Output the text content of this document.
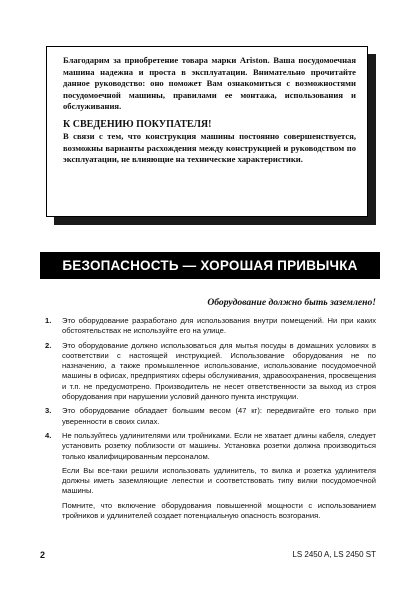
Благодарим за приобретение товара марки Ariston. Ваша посудомоечная машина надежна и проста в эксплуатации. Внимательно прочитайте данное руководство: оно поможет Вам ознакомиться с возможностями посудомоечной машины, правилами ее монтажа, использования и обслуживания.

К СВЕДЕНИЮ ПОКУПАТЕЛЯ!

В связи с тем, что конструкция машины постоянно совершенствуется, возможны варианты расхождения между конструкцией и руководством по эксплуатации, не влияющие на технические характеристики.

БЕЗОПАСНОСТЬ — ХОРОШАЯ ПРИВЫЧКА
Оборудование должно быть заземлено!
1. Это оборудование разработано для использования внутри помещений. Ни при каких обстоятельствах не используйте его на улице.

2. Это оборудование должно использоваться для мытья посуды в домашних условиях в соответствии с настоящей инструкцией. Использование оборудования не по назначению, а также промышленное использование, использование посудомоечной машины в офисах, предприятиях сферы обслуживания, здравоохранения, просвещения и т.п. не предусмотрено. Производитель не несет ответственности за выход из строя оборудования при нарушении условий данного пункта инструкции.

3. Это оборудование обладает большим весом (47 кг): передвигайте его только при уверенности в своих силах.

4. Не пользуйтесь удлинителями или тройниками. Если не хватает длины кабеля, следует установить розетку поблизости от машины. Установка розетки должна производиться только квалифицированным персоналом.

Если Вы все-таки решили использовать удлинитель, то вилка и розетка удлинителя должны иметь заземляющие лепестки и соответствовать типу вилки посудомоечной машины.

Помните, что включение оборудования повышенной мощности с использованием тройников и удлинителей создает потенциальную опасность возгорания.

2	LS 2450 A, LS 2450 ST
